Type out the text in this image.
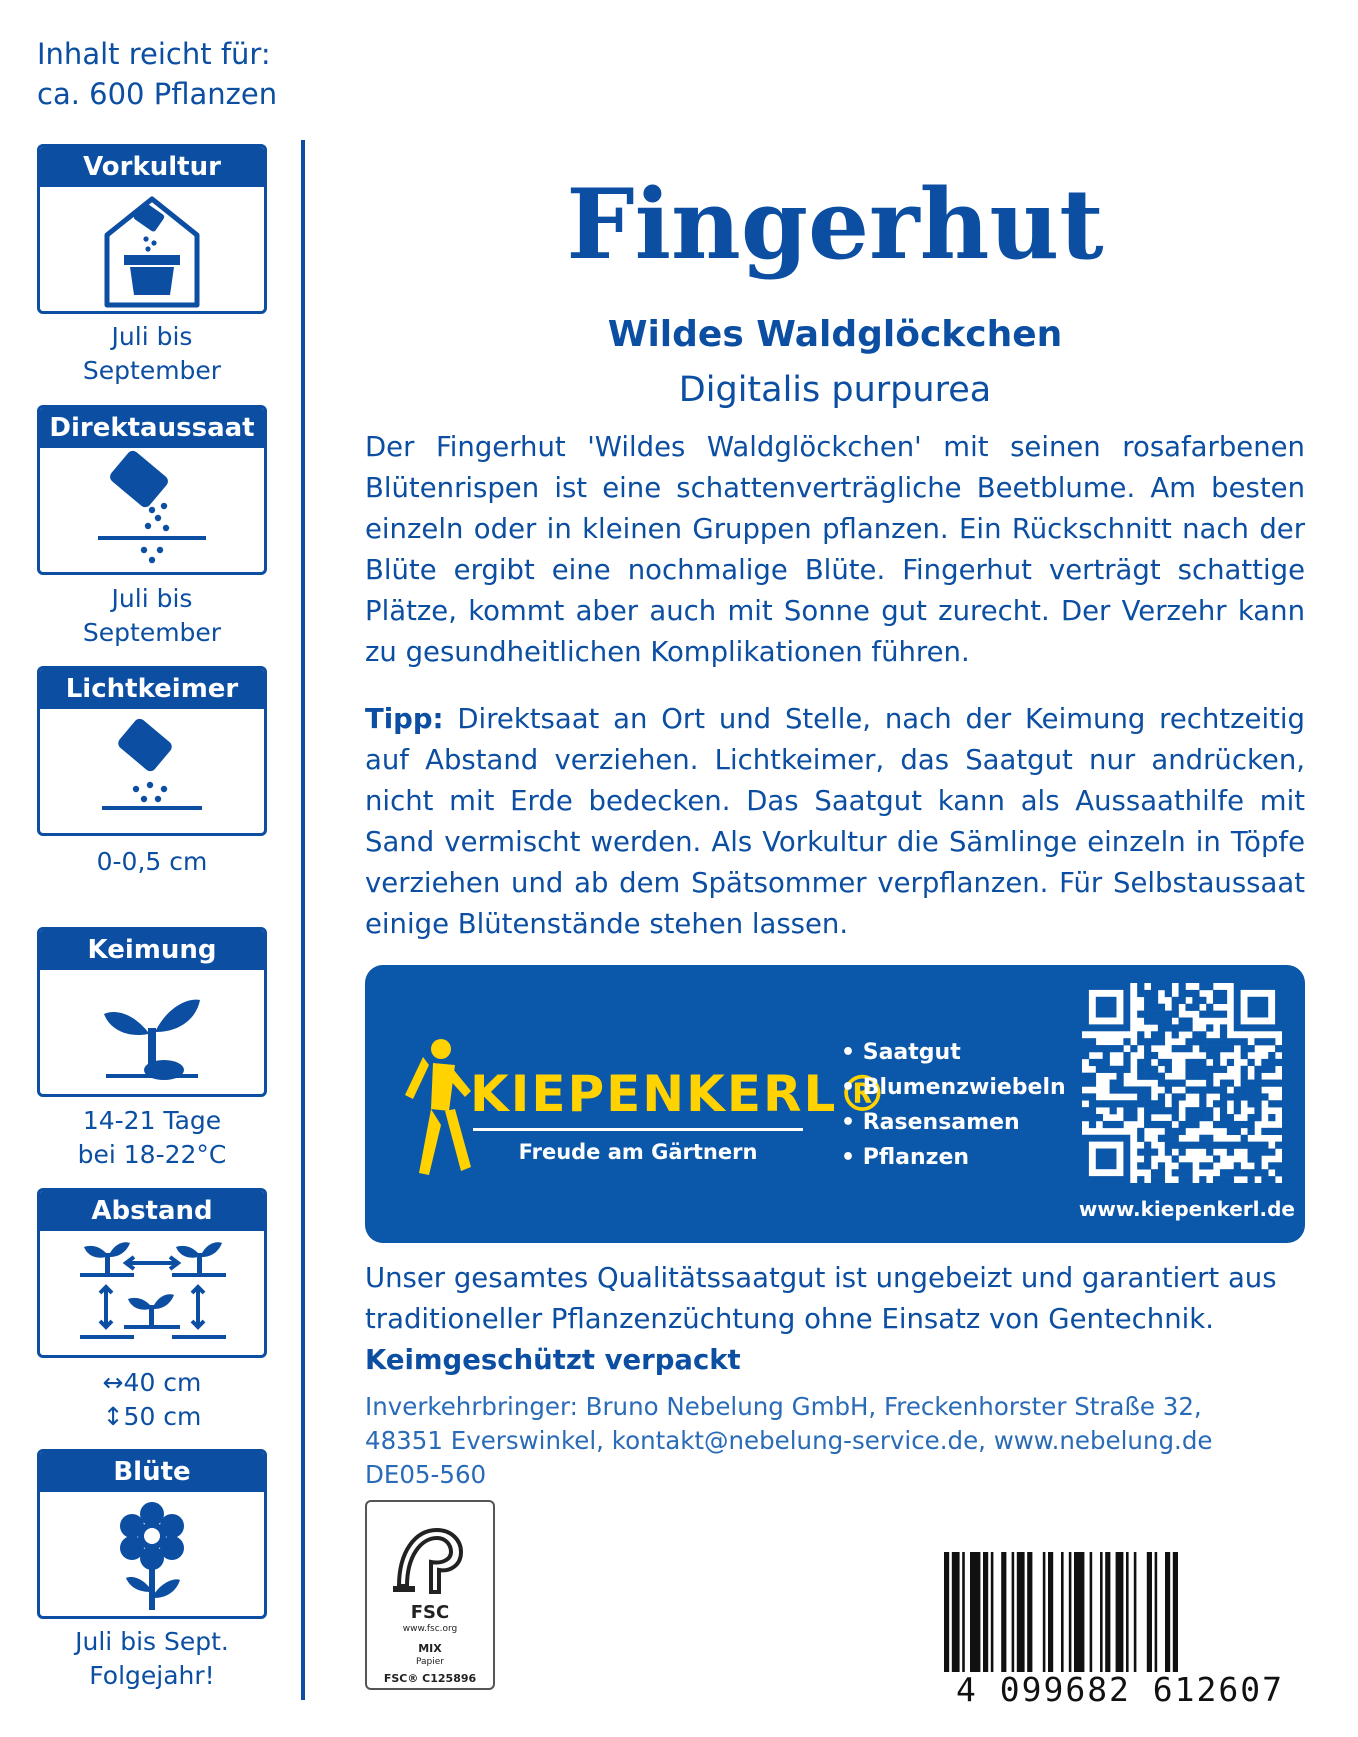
Inhalt reicht für:
ca. 600 Pflanzen
Vorkultur
Juli bis
September
Direktaussaat
Juli bis
September
Lichtkeimer
0-0,5 cm
Keimung
14-21 Tage
bei 18-22°C
Abstand
↔40 cm
↕50 cm
Blüte
Juli bis Sept.
Folgejahr!
Fingerhut
Wildes Waldglöckchen
Digitalis purpurea

Der Fingerhut 'Wildes Waldglöckchen' mit seinen rosafarbenen Blütenrispen ist eine schattenverträgliche Beetblume. Am besten einzeln oder in kleinen Gruppen pflanzen. Ein Rückschnitt nach der Blüte ergibt eine nochmalige Blüte. Fingerhut verträgt schattige Plätze, kommt aber auch mit Sonne gut zurecht. Der Verzehr kann zu gesundheitlichen Komplikationen führen.

Tipp: Direktsaat an Ort und Stelle, nach der Keimung rechtzeitig auf Abstand verziehen. Lichtkeimer, das Saatgut nur andrücken, nicht mit Erde bedecken. Das Saatgut kann als Aussaathilfe mit Sand vermischt werden. Als Vorkultur die Sämlinge einzeln in Töpfe verziehen und ab dem Spätsommer verpflanzen. Für Selbstaussaat einige Blütenstände stehen lassen.

KIEPENKERL®
Freude am Gärtnern
• Saatgut
• Blumenzwiebeln
• Rasensamen
• Pflanzen
www.kiepenkerl.de

Unser gesamtes Qualitätssaatgut ist ungebeizt und garantiert aus traditioneller Pflanzenzüchtung ohne Einsatz von Gentechnik.

Keimgeschützt verpackt
Inverkehrbringer: Bruno Nebelung GmbH, Freckenhorster Straße 32,
48351 Everswinkel, kontakt@nebelung-service.de, www.nebelung.de
DE05-560
FSC
www.fsc.org
MIX
Papier
FSC® C125896	4 099682 612607
